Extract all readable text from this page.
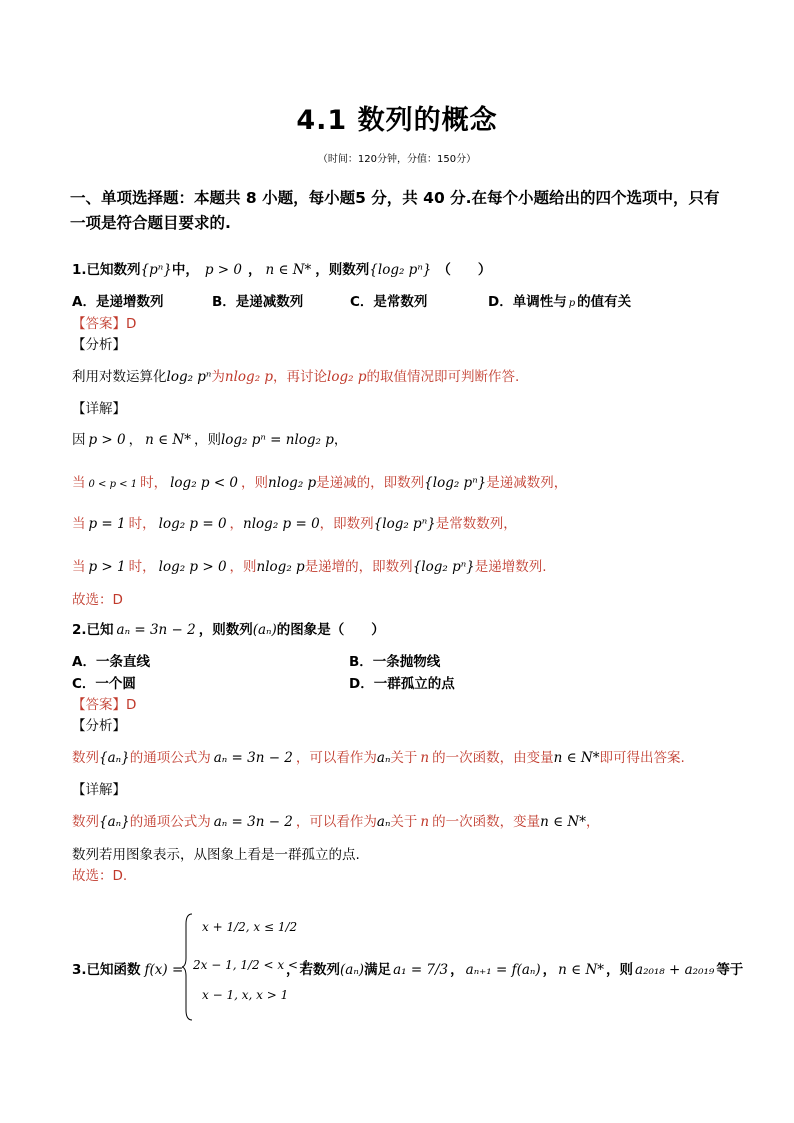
4.1 数列的概念
（时间：120分钟，分值：150分）
一、单项选择题：本题共 8 小题，每小题5 分，共 40 分.在每个小题给出的四个选项中，只有一项是符合题目要求的.
1.已知数列{pⁿ}中， p > 0 ， n ∈ N* ，则数列{log₂ pⁿ} （　　）
A．是递增数列	B．是递减数列	C．是常数列	D．单调性与 p 的值有关
【答案】D
【分析】
利用对数运算化log₂ pⁿ为nlog₂ p，再讨论log₂ p的取值情况即可判断作答.
【详解】
因 p > 0 ， n ∈ N* ，则log₂ pⁿ = nlog₂ p，
当 0 < p < 1 时， log₂ p < 0 ，则nlog₂ p是递减的，即数列{log₂ pⁿ}是递减数列，
当 p = 1 时， log₂ p = 0 ，nlog₂ p = 0，即数列{log₂ pⁿ}是常数数列，
当 p > 1 时， log₂ p > 0 ，则nlog₂ p是递增的，即数列{log₂ pⁿ}是递增数列.
故选：D
2.已知 aₙ = 3n − 2 ，则数列(aₙ)的图象是（　　）
A．一条直线	B．一条抛物线
C．一个圆	D．一群孤立的点
【答案】D
【分析】
数列{aₙ}的通项公式为 aₙ = 3n − 2 ，可以看作为aₙ关于 n 的一次函数，由变量n ∈ N*即可得出答案.
【详解】
数列{aₙ}的通项公式为 aₙ = 3n − 2 ，可以看作为aₙ关于 n 的一次函数，变量n ∈ N*，
数列若用图象表示，从图象上看是一群孤立的点.
故选：D.
3.已知函数 f(x) =
x + 1/2, x ≤ 1/2
2x − 1, 1/2 < x < 1
x − 1, x, x > 1
，若数列(aₙ)满足 a₁ = 7/3 ， aₙ₊₁ = f(aₙ) ， n ∈ N* ，则 a₂₀₁₈ + a₂₀₁₉ 等于
